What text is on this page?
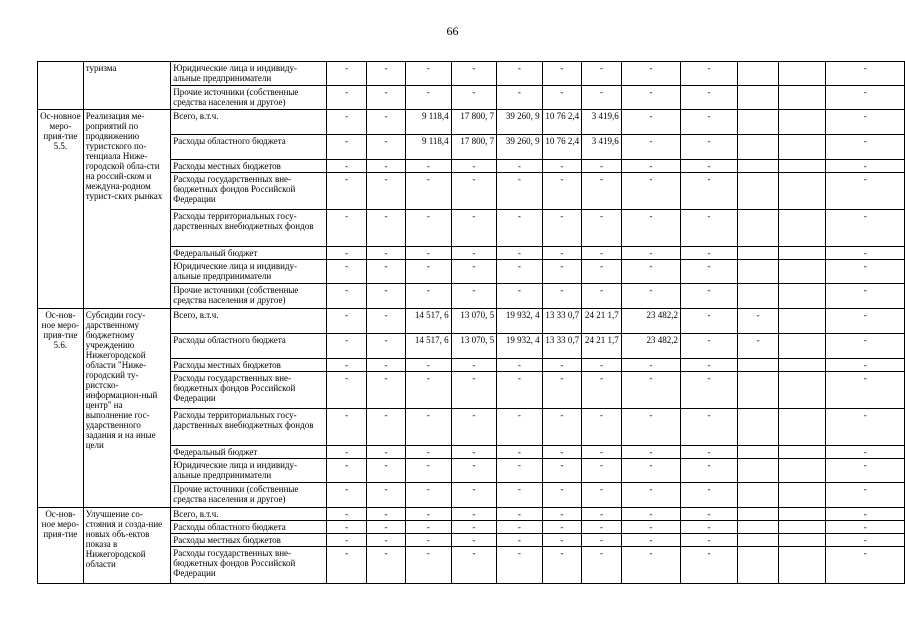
66
	туризма	Юридические лица и индивиду-альные предприниматели	-	-	-	-	-	-	-	-	-			-
		Прочие источники (собственные средства населения и другое)	-	-	-	-	-	-	-	-	-			-
Ос-новное меро-прия-тие 5.5.	Реализация ме-роприятий по продвижению туристского по-тенциала Ниже-городской обла-сти на россий-ском и междуна-родном турист-ских рынках	Всего, в.т.ч.	-	-	9 118,4	17 800, 7	39 260, 9	10 76 2,4	3 419,6	-	-			-
		Расходы областного бюджета	-	-	9 118,4	17 800, 7	39 260, 9	10 76 2,4	3 419,6	-	-			-
		Расходы местных бюджетов	-	-	-	-	-	-	-	-	-			-
		Расходы государственных вне-бюджетных фондов Российской Федерации	-	-	-	-	-	-	-	-	-			-
		Расходы территориальных госу-дарственных внебюджетных фондов	-	-	-	-	-	-	-	-	-			-
		Федеральный бюджет	-	-	-	-	-	-	-	-	-			-
		Юридические лица и индивиду-альные предприниматели	-	-	-	-	-	-	-	-	-			-
		Прочие источники (собственные средства населения и другое)	-	-	-	-	-	-	-	-	-			-
Ос-нов-ное меро-прия-тие 5.6.	Субсидии госу-дарственному бюджетному учреждению Нижегородской области "Ниже-городский ту-ристско-информацион-ный центр" на выполнение гос-ударственного задания и на иные цели	Всего, в.т.ч.	-	-	14 517, 6	13 070, 5	19 932, 4	13 33 0,7	24 21 1,7	23 482,2	-	-		-
		Расходы областного бюджета	-	-	14 517, 6	13 070, 5	19 932, 4	13 33 0,7	24 21 1,7	23 482,2	-	-		-
		Расходы местных бюджетов	-	-	-	-	-	-	-	-	-			-
		Расходы государственных вне-бюджетных фондов Российской Федерации	-	-	-	-	-	-	-	-	-			-
		Расходы территориальных госу-дарственных внебюджетных фондов	-	-	-	-	-	-	-	-	-			-
		Федеральный бюджет	-	-	-	-	-	-	-	-	-			-
		Юридические лица и индивиду-альные предприниматели	-	-	-	-	-	-	-	-	-			-
		Прочие источники (собственные средства населения и другое)	-	-	-	-	-	-	-	-	-			-
Ос-нов-ное меро-прия-тие	Улучшение со-стояния и созда-ние новых объ-ектов показа в Нижегородской области	Всего, в.т.ч.	-	-	-	-	-	-	-	-	-			-
		Расходы областного бюджета	-	-	-	-	-	-	-	-	-			-
		Расходы местных бюджетов	-	-	-	-	-	-	-	-	-			-
		Расходы государственных вне-бюджетных фондов Российской Федерации	-	-	-	-	-	-	-	-	-			-
